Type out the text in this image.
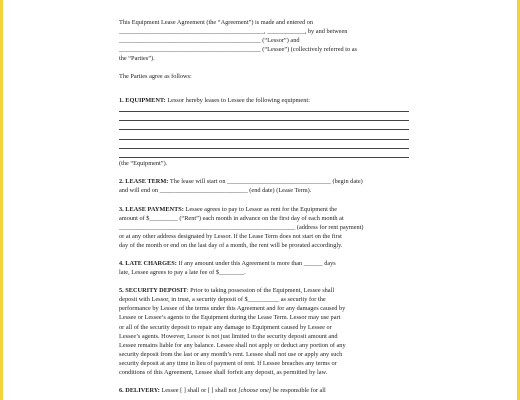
This Equipment Lease Agreement (the “Agreement”) is made and entered on
______________________________________________, ____________, by and between
_____________________________________________ (“Lessor”) and
_____________________________________________ (“Lessee”) (collectively referred to as
the “Parties”).
The Parties agree as follows:
1. EQUIPMENT: Lessor hereby leases to Lessee the following equipment:
(the “Equipment”).
2. LEASE TERM: The lease will start on _________________________________ (begin date)
and will end on ____________________________ (end date) (Lease Term).
3. LEASE PAYMENTS: Lessee agrees to pay to Lessor as rent for the Equipment the
amount of $_________ (“Rent”) each month in advance on the first day of each month at
________________________________________________________ (address for rent payment)
or at any other address designated by Lessor. If the Lease Term does not start on the first
day of the month or end on the last day of a month, the rent will be prorated accordingly.
4. LATE CHARGES: If any amount under this Agreement is more than ______ days
late, Lessee agrees to pay a late fee of $________.
5. SECURITY DEPOSIT: Prior to taking possession of the Equipment, Lessee shall
deposit with Lessor, in trust, a security deposit of $__________ as security for the
performance by Lessee of the terms under this Agreement and for any damages caused by
Lessee or Lessee’s agents to the Equipment during the Lease Term. Lessor may use part
or all of the security deposit to repair any damage to Equipment caused by Lessee or
Lessee’s agents. However, Lessor is not just limited to the security deposit amount and
Lessee remains liable for any balance. Lessee shall not apply or deduct any portion of any
security deposit from the last or any month’s rent. Lessee shall not use or apply any such
security deposit at any time in lieu of payment of rent. If Lessee breaches any terms or
conditions of this Agreement, Lessee shall forfeit any deposit, as permitted by law.
6. DELIVERY: Lessee [ ] shall or [ ] shall not [choose one] be responsible for all
